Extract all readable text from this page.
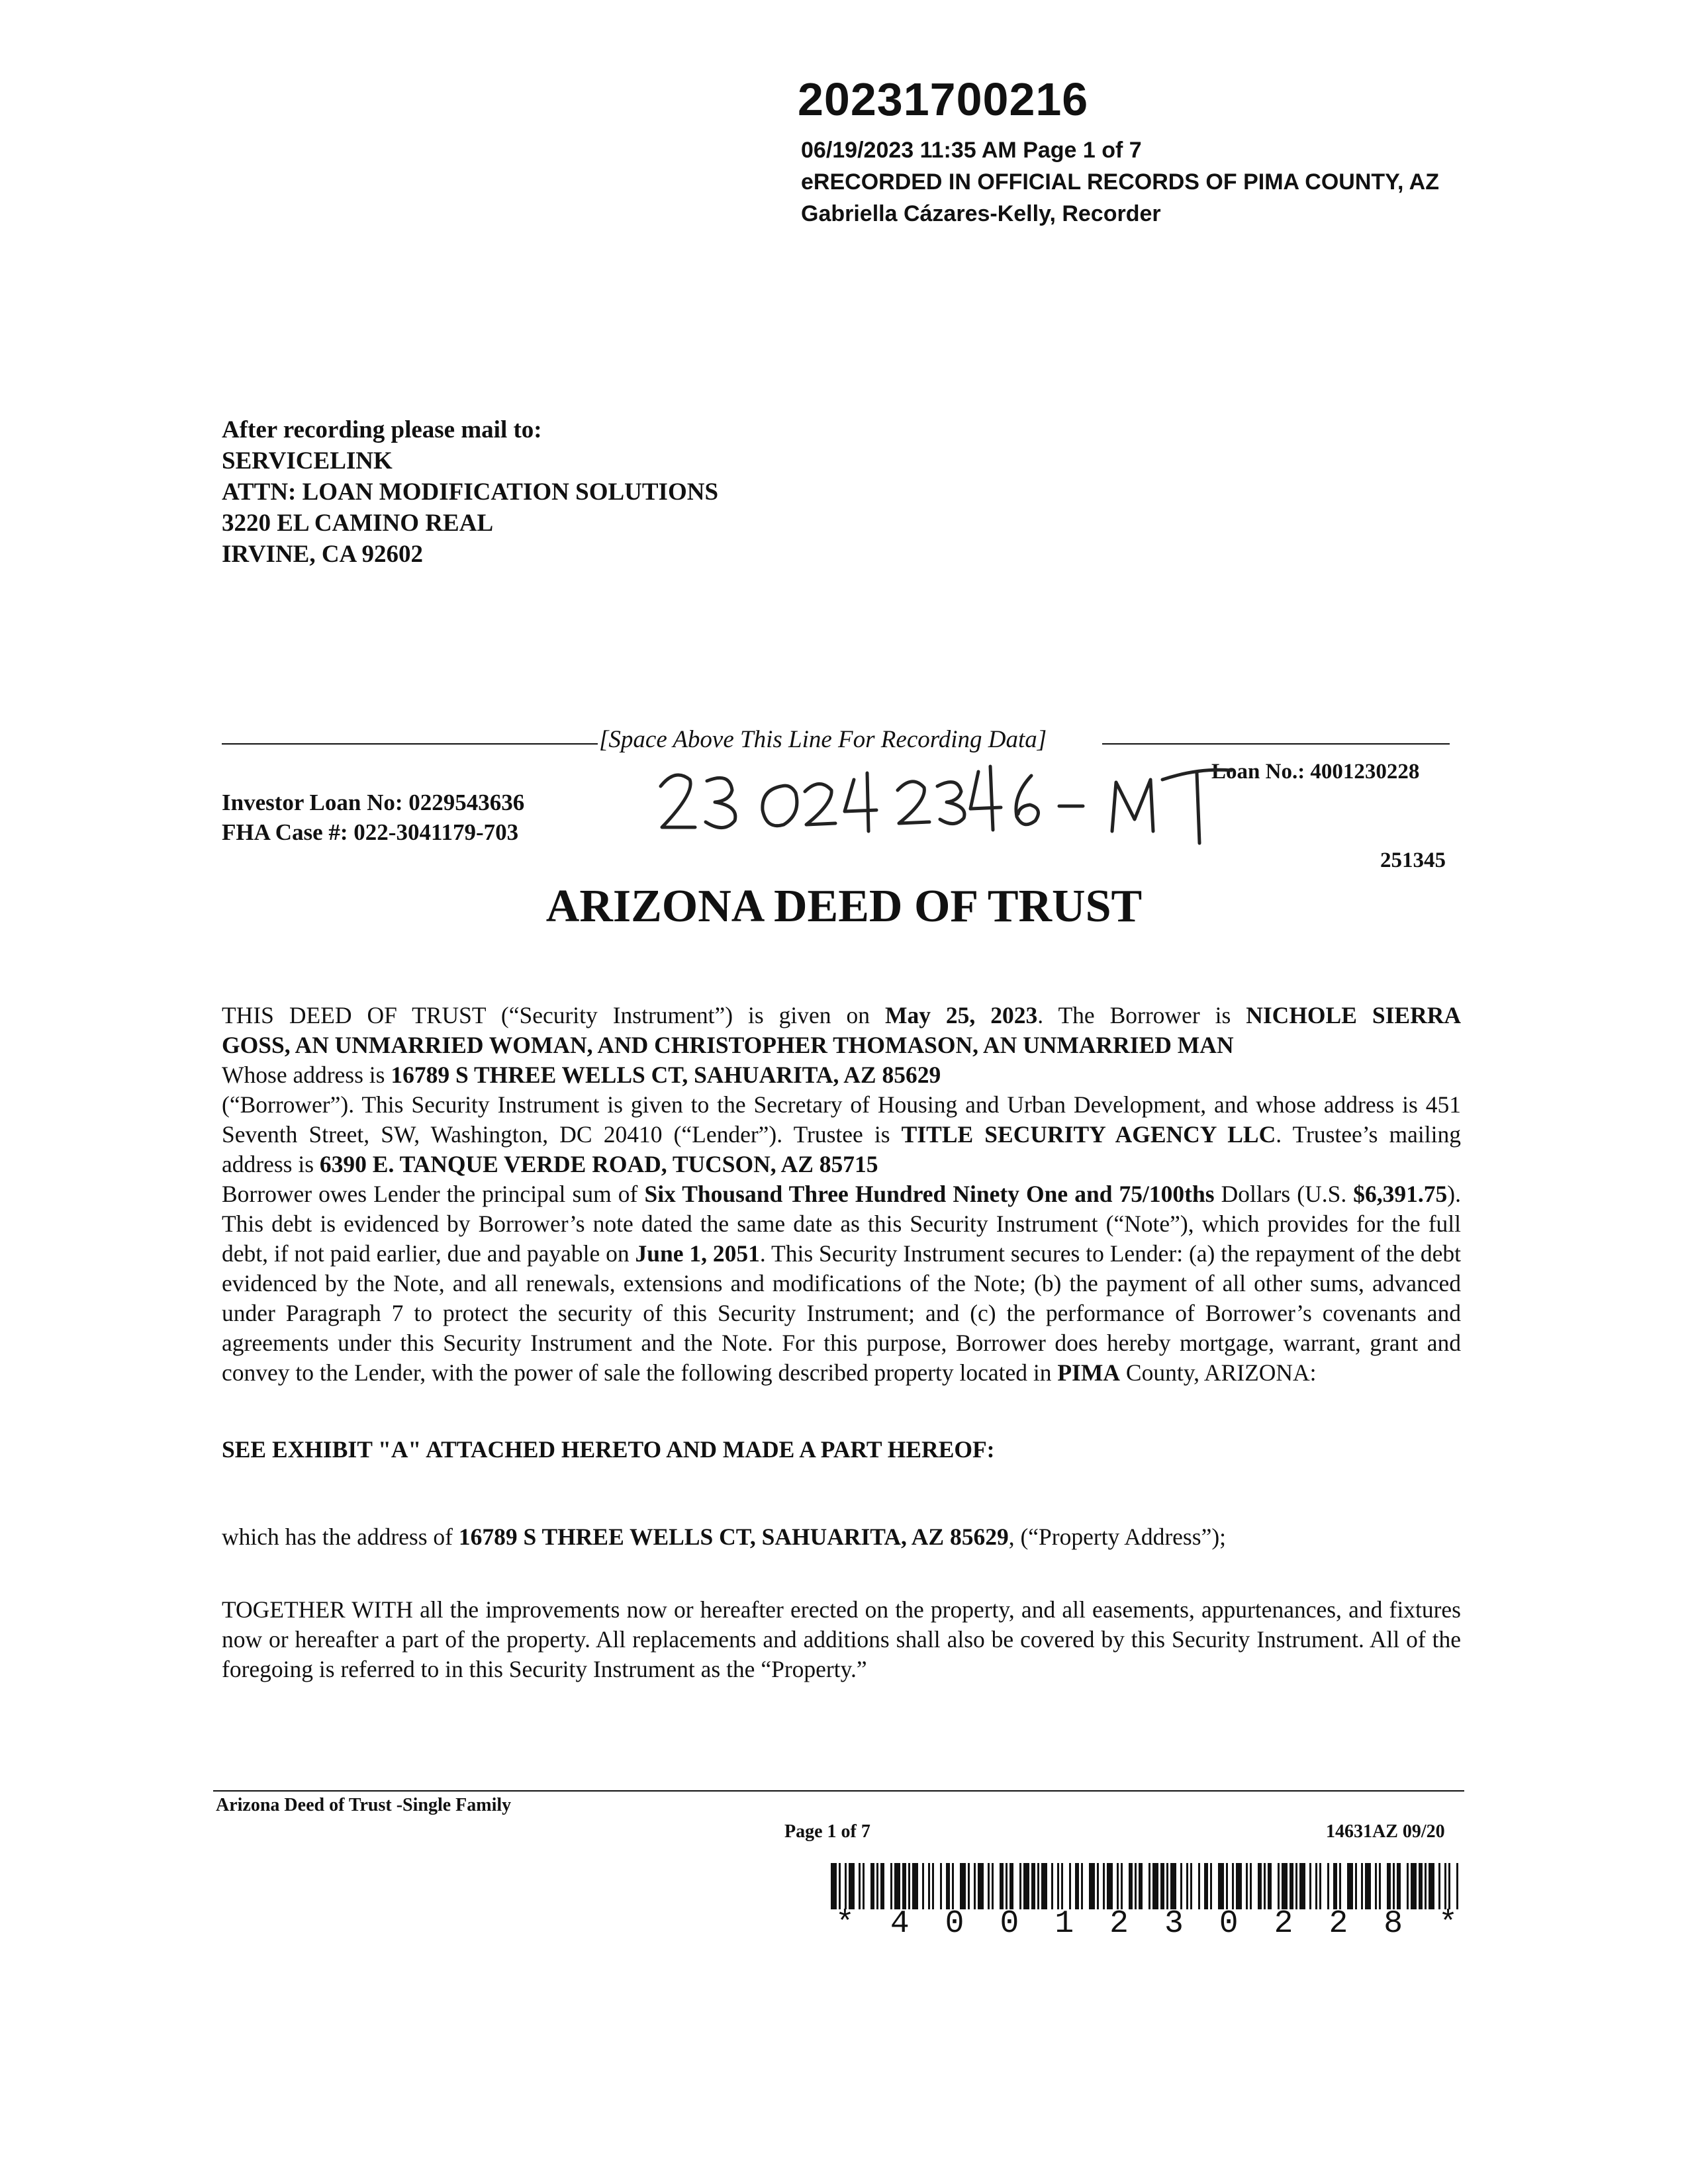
20231700216
06/19/2023 11:35 AM Page 1 of 7
eRECORDED IN OFFICIAL RECORDS OF PIMA COUNTY, AZ
Gabriella Cázares-Kelly, Recorder
After recording please mail to:
SERVICELINK
ATTN: LOAN MODIFICATION SOLUTIONS
3220 EL CAMINO REAL
IRVINE, CA 92602
[Space Above This Line For Recording Data]
Investor Loan No: 0229543636
FHA Case #: 022-3041179-703
Loan No.: 4001230228
251345
23 024 2346 - MT
ARIZONA DEED OF TRUST

THIS DEED OF TRUST (“Security Instrument”) is given on May 25, 2023. The Borrower is NICHOLE SIERRA

GOSS, AN UNMARRIED WOMAN, AND CHRISTOPHER THOMASON, AN UNMARRIED MAN

Whose address is 16789 S THREE WELLS CT, SAHUARITA, AZ 85629

(“Borrower”). This Security Instrument is given to the Secretary of Housing and Urban Development, and whose address is 451 Seventh Street, SW, Washington, DC 20410 (“Lender”). Trustee is TITLE SECURITY AGENCY LLC. Trustee’s mailing address is 6390 E. TANQUE VERDE ROAD, TUCSON, AZ 85715

Borrower owes Lender the principal sum of Six Thousand Three Hundred Ninety One and 75/100ths Dollars (U.S. $6,391.75). This debt is evidenced by Borrower’s note dated the same date as this Security Instrument (“Note”), which provides for the full debt, if not paid earlier, due and payable on June 1, 2051. This Security Instrument secures to Lender: (a) the repayment of the debt evidenced by the Note, and all renewals, extensions and modifications of the Note; (b) the payment of all other sums, advanced under Paragraph 7 to protect the security of this Security Instrument; and (c) the performance of Borrower’s covenants and agreements under this Security Instrument and the Note. For this purpose, Borrower does hereby mortgage, warrant, grant and convey to the Lender, with the power of sale the following described property located in PIMA County, ARIZONA:

SEE EXHIBIT "A" ATTACHED HERETO AND MADE A PART HEREOF:

which has the address of 16789 S THREE WELLS CT, SAHUARITA, AZ 85629, (“Property Address”);

TOGETHER WITH all the improvements now or hereafter erected on the property, and all easements, appurtenances, and fixtures now or hereafter a part of the property. All replacements and additions shall also be covered by this Security Instrument. All of the foregoing is referred to in this Security Instrument as the “Property.”
Arizona Deed of Trust -Single Family
Page 1 of 7	14631AZ 09/20
* 4 0 0 1 2 3 0 2 2 8 *
